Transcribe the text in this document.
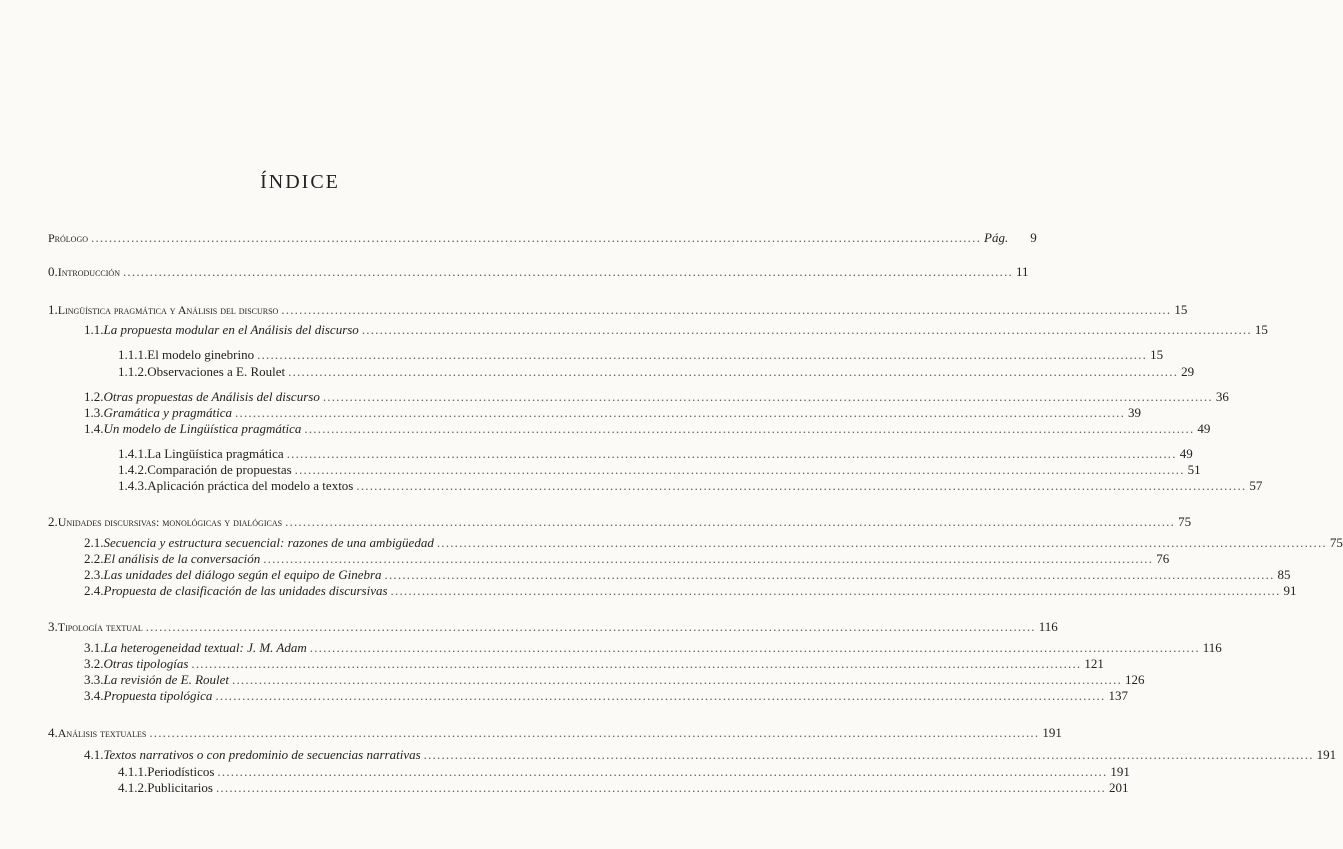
ÍNDICE
Prólogo .....	Pág. 9
0. Introducción .....	11
1. Lingüística pragmática y Análisis del discurso .....	15
1.1. La propuesta modular en el Análisis del discurso .....	15
1.1.1. El modelo ginebrino .....	15
1.1.2. Observaciones a E. Roulet .....	29
1.2. Otras propuestas de Análisis del discurso .....	36
1.3. Gramática y pragmática .....	39
1.4. Un modelo de Lingüística pragmática .....	49
1.4.1. La Lingüística pragmática .....	49
1.4.2. Comparación de propuestas .....	51
1.4.3. Aplicación práctica del modelo a textos .....	57
2. Unidades discursivas: monológicas y dialógicas .....	75
2.1. Secuencia y estructura secuencial: razones de una ambigüedad .....	75
2.2. El análisis de la conversación .....	76
2.3. Las unidades del diálogo según el equipo de Ginebra .....	85
2.4. Propuesta de clasificación de las unidades discursivas .....	91
3. Tipología textual .....	116
3.1. La heterogeneidad textual: J. M. Adam .....	116
3.2. Otras tipologías .....	121
3.3. La revisión de E. Roulet .....	126
3.4. Propuesta tipológica .....	137
4. Análisis textuales .....	191
4.1. Textos narrativos o con predominio de secuencias narrativas .....	191
4.1.1. Periodísticos .....	191
4.1.2. Publicitarios .....	201
